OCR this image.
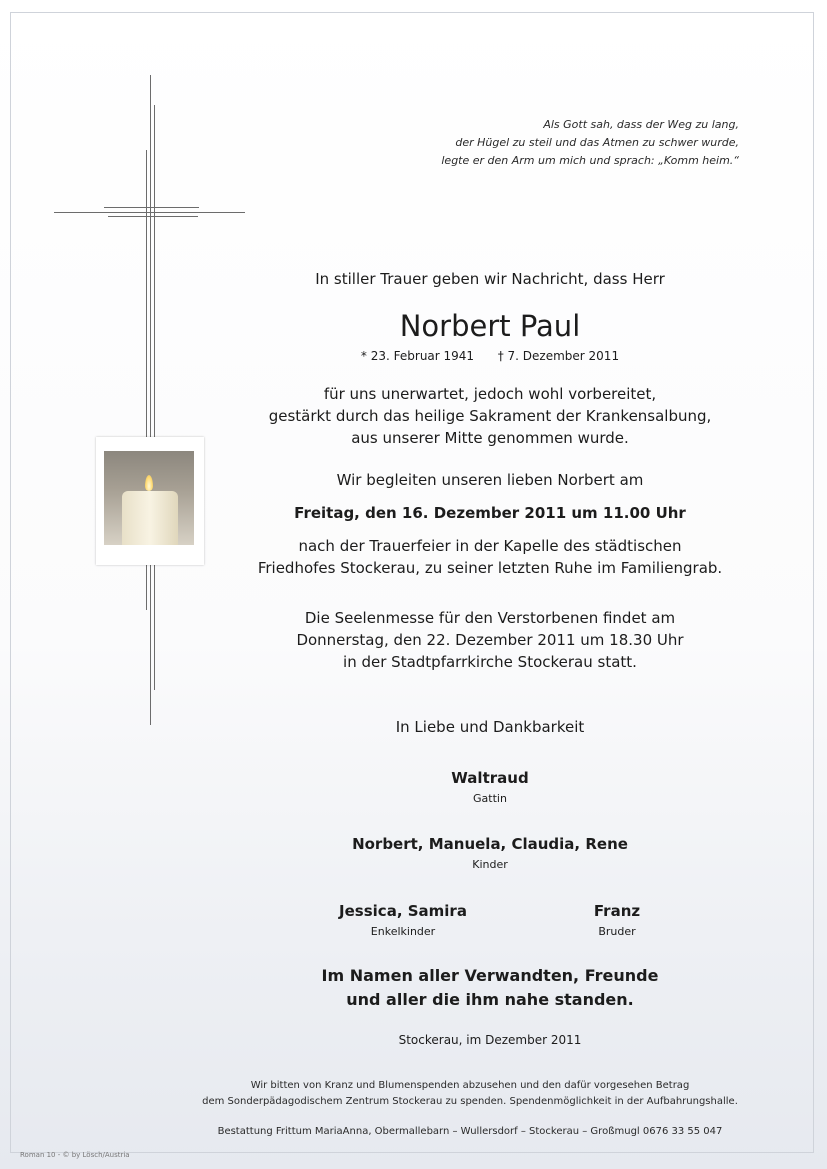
Als Gott sah, dass der Weg zu lang,
der Hügel zu steil und das Atmen zu schwer wurde,
legte er den Arm um mich und sprach: „Komm heim.“
In stiller Trauer geben wir Nachricht, dass Herr
Norbert Paul
* 23. Februar 1941 † 7. Dezember 2011
für uns unerwartet, jedoch wohl vorbereitet,
gestärkt durch das heilige Sakrament der Krankensalbung,
aus unserer Mitte genommen wurde.
Wir begleiten unseren lieben Norbert am
Freitag, den 16. Dezember 2011 um 11.00 Uhr
nach der Trauerfeier in der Kapelle des städtischen
Friedhofes Stockerau, zu seiner letzten Ruhe im Familiengrab.
Die Seelenmesse für den Verstorbenen findet am
Donnerstag, den 22. Dezember 2011 um 18.30 Uhr
in der Stadtpfarrkirche Stockerau statt.
In Liebe und Dankbarkeit
Waltraud
Gattin
Norbert, Manuela, Claudia, Rene
Kinder
Jessica, Samira
Enkelkinder
Franz
Bruder
Im Namen aller Verwandten, Freunde
und aller die ihm nahe standen.
Stockerau, im Dezember 2011
Wir bitten von Kranz und Blumenspenden abzusehen und den dafür vorgesehen Betrag
dem Sonderpädagodischem Zentrum Stockerau zu spenden. Spendenmöglichkeit in der Aufbahrungshalle.
Bestattung Frittum MariaAnna, Obermallebarn – Wullersdorf – Stockerau – Großmugl 0676 33 55 047
Roman 10 - © by Lösch/Austria
